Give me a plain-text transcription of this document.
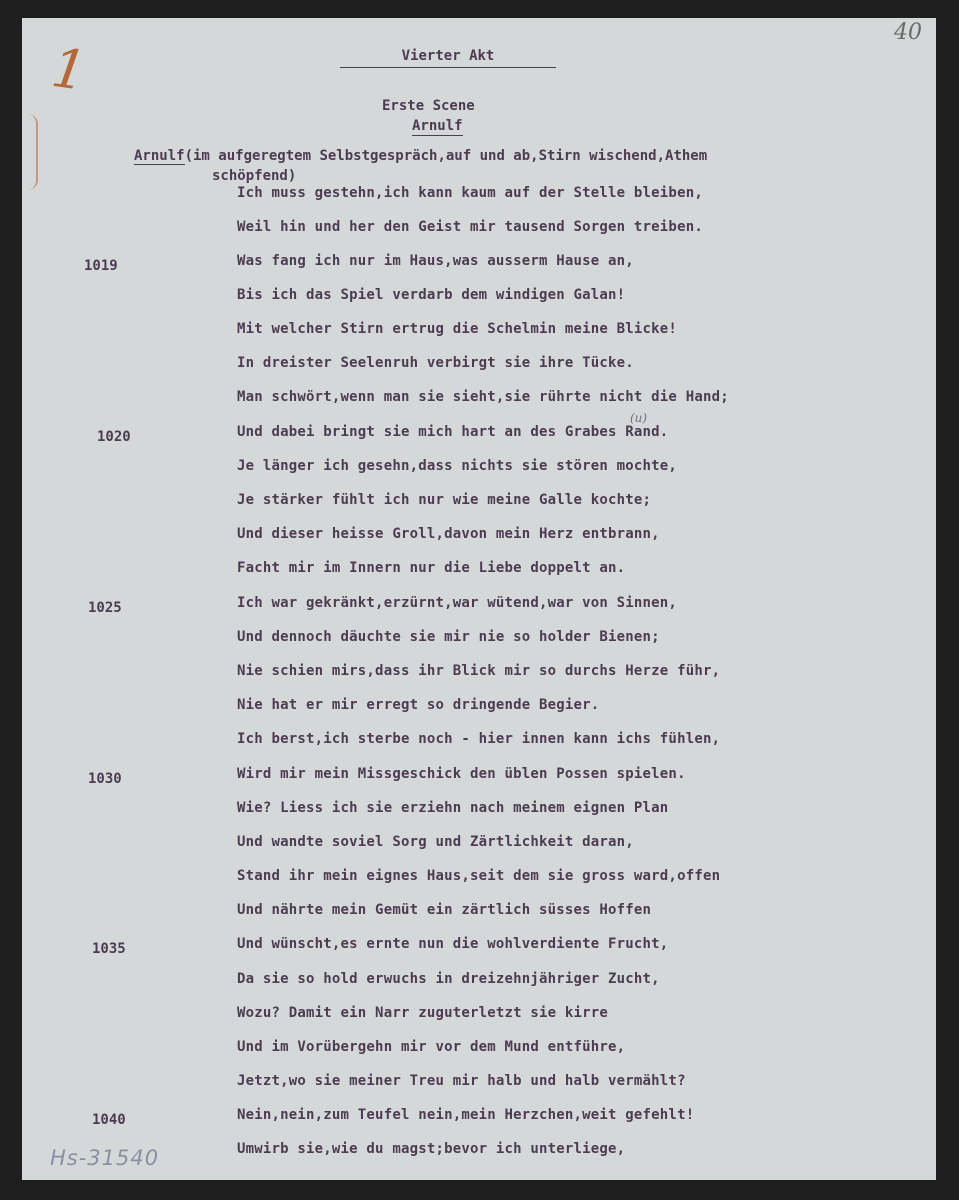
40
1	Vierter Akt
Erste Scene
Arnulf
Arnulf(im aufgeregtem Selbstgespräch,auf und ab,Stirn wischend,Athem
schöpfend)
(u)
Ich muss gestehn,ich kann kaum auf der Stelle bleiben,
Weil hin und her den Geist mir tausend Sorgen treiben.
Was fang ich nur im Haus,was ausserm Hause an,
Bis ich das Spiel verdarb dem windigen Galan!
Mit welcher Stirn ertrug die Schelmin meine Blicke!
In dreister Seelenruh verbirgt sie ihre Tücke.
Man schwört,wenn man sie sieht,sie rührte nicht die Hand;
Und dabei bringt sie mich hart an des Grabes Rand.
Je länger ich gesehn,dass nichts sie stören mochte,
Je stärker fühlt ich nur wie meine Galle kochte;
Und dieser heisse Groll,davon mein Herz entbrann,
Facht mir im Innern nur die Liebe doppelt an.
Ich war gekränkt,erzürnt,war wütend,war von Sinnen,
Und dennoch däuchte sie mir nie so holder Bienen;
Nie schien mirs,dass ihr Blick mir so durchs Herze führ,
Nie hat er mir erregt so dringende Begier.
Ich berst,ich sterbe noch - hier innen kann ichs fühlen,
Wird mir mein Missgeschick den üblen Possen spielen.
Wie? Liess ich sie erziehn nach meinem eignen Plan
Und wandte soviel Sorg und Zärtlichkeit daran,
Stand ihr mein eignes Haus,seit dem sie gross ward,offen
Und nährte mein Gemüt ein zärtlich süsses Hoffen
Und wünscht,es ernte nun die wohlverdiente Frucht,
Da sie so hold erwuchs in dreizehnjähriger Zucht,
Wozu? Damit ein Narr zuguterletzt sie kirre
Und im Vorübergehn mir vor dem Mund entführe,
Jetzt,wo sie meiner Treu mir halb und halb vermählt?
Nein,nein,zum Teufel nein,mein Herzchen,weit gefehlt!
Umwirb sie,wie du magst;bevor ich unterliege,
1019
1020
1025
1030
1035
1040
Hs-31540
